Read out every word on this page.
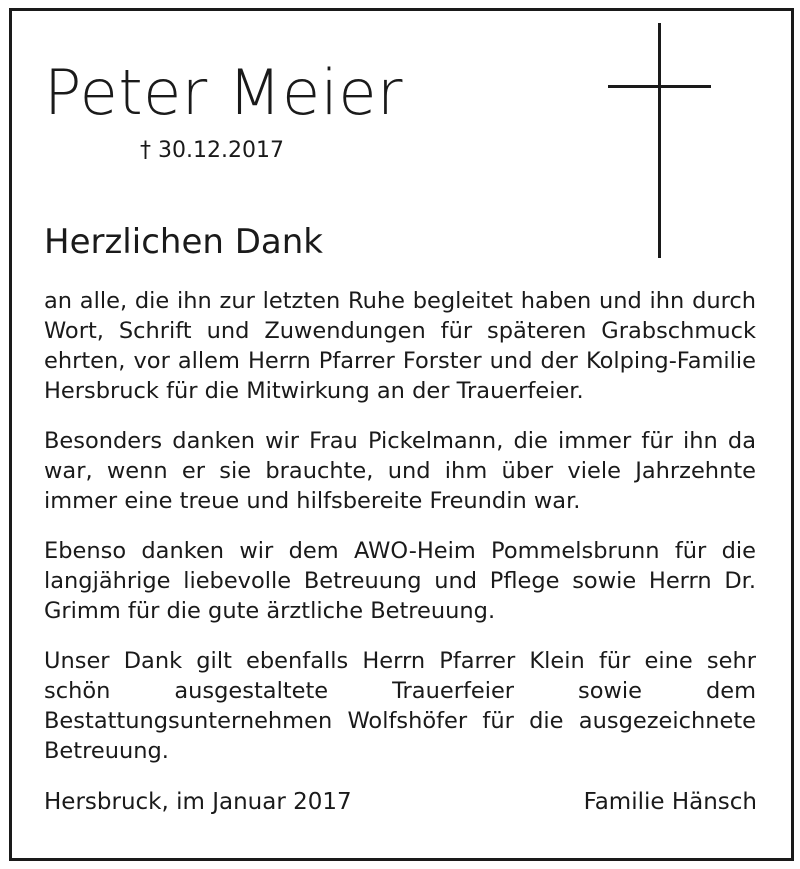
Peter Meier
† 30.12.2017
Herzlichen Dank

an alle, die ihn zur letzten Ruhe begleitet haben und ihn durch Wort, Schrift und Zuwendungen für späteren Grabschmuck ehrten, vor allem Herrn Pfarrer Forster und der Kolping-Familie Hersbruck für die Mitwirkung an der Trauerfeier.

Besonders danken wir Frau Pickelmann, die immer für ihn da war, wenn er sie brauchte, und ihm über viele Jahrzehnte immer eine treue und hilfsbereite Freundin war.

Ebenso danken wir dem AWO-Heim Pommelsbrunn für die langjährige liebevolle Betreuung und Pflege sowie Herrn Dr. Grimm für die gute ärztliche Betreuung.

Unser Dank gilt ebenfalls Herrn Pfarrer Klein für eine sehr schön ausgestaltete Trauerfeier sowie dem Bestattungsunternehmen Wolfshöfer für die ausgezeichnete Betreuung.

Hersbruck, im Januar 2017	Familie Hänsch
